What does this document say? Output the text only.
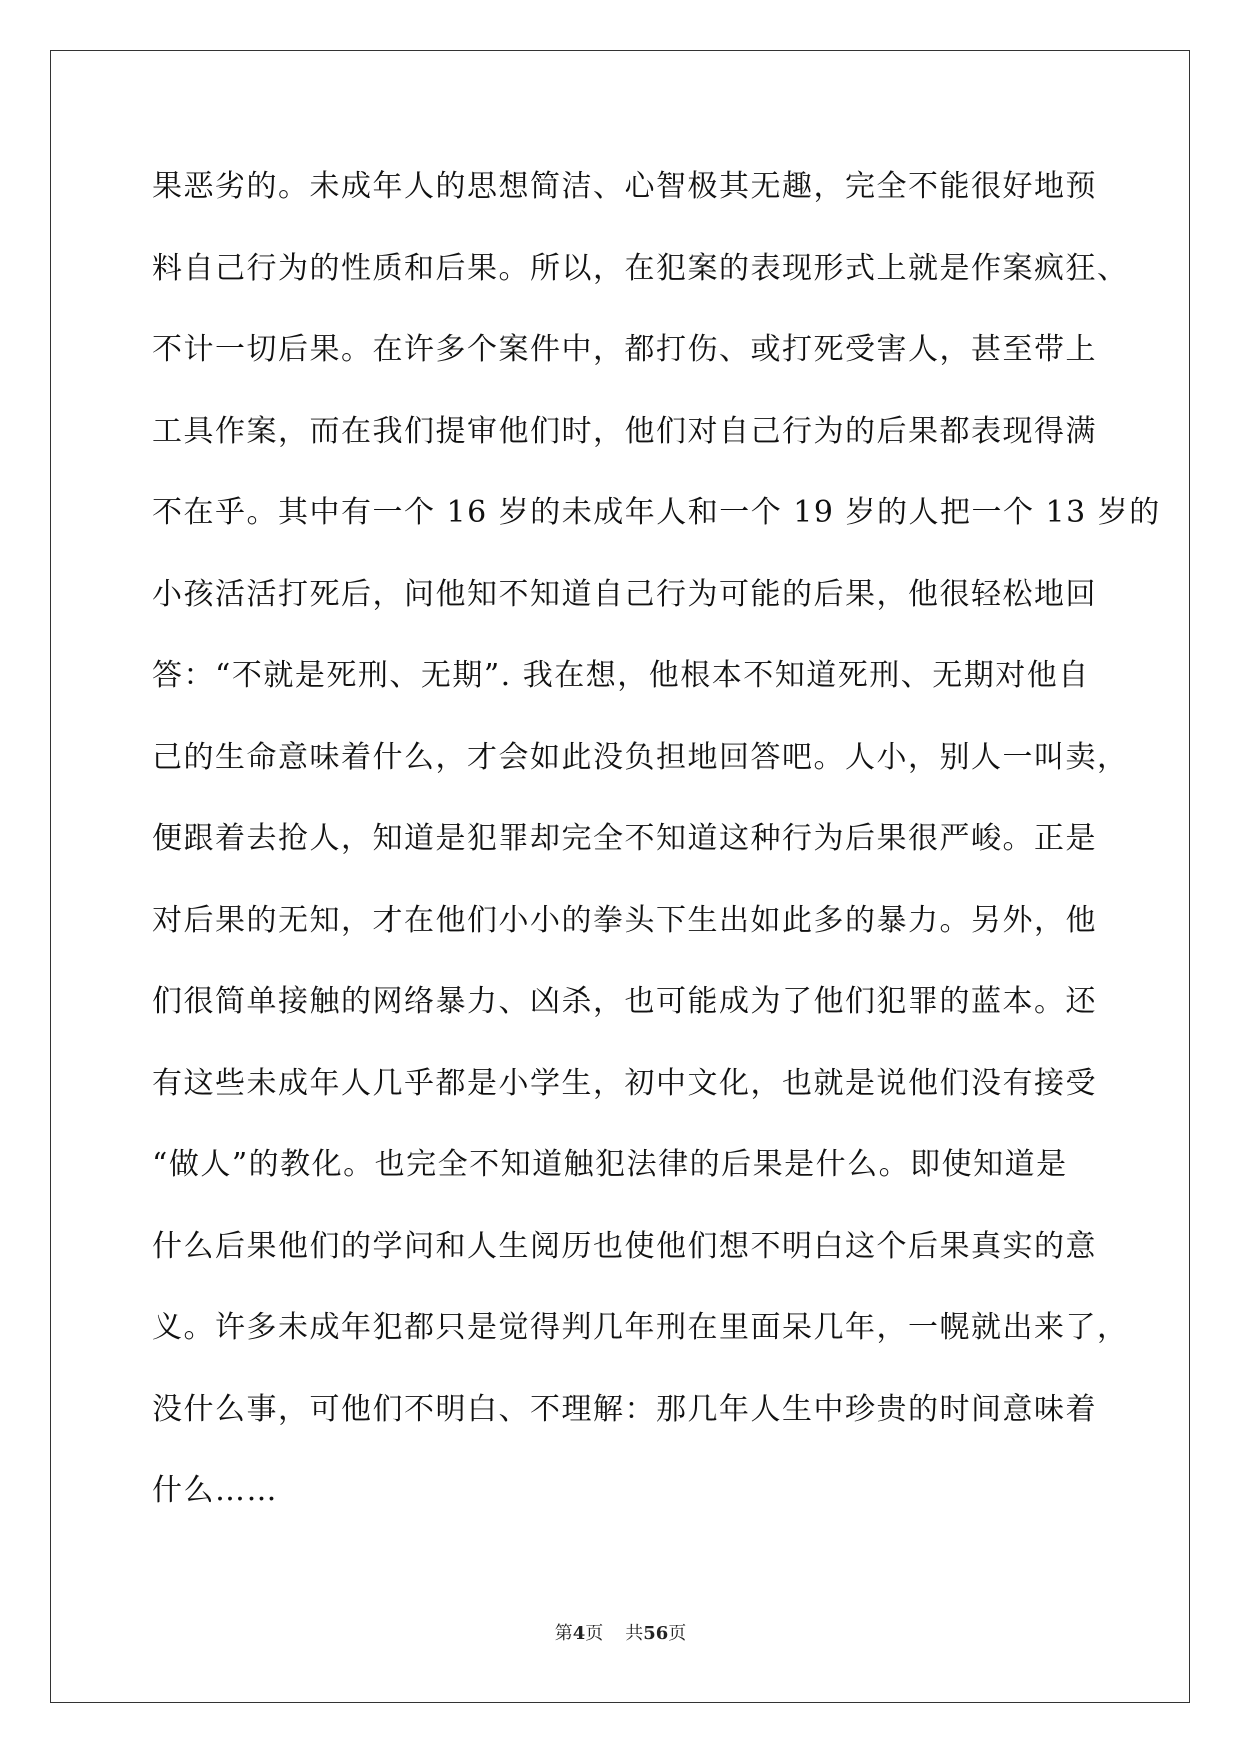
果恶劣的。未成年人的思想简洁、心智极其无趣，完全不能很好地预
料自己行为的性质和后果。所以，在犯案的表现形式上就是作案疯狂、
不计一切后果。在许多个案件中，都打伤、或打死受害人，甚至带上
工具作案，而在我们提审他们时，他们对自己行为的后果都表现得满
不在乎。其中有一个 16 岁的未成年人和一个 19 岁的人把一个 13 岁的
小孩活活打死后，问他知不知道自己行为可能的后果，他很轻松地回
答：“不就是死刑、无期”. 我在想，他根本不知道死刑、无期对他自
己的生命意味着什么，才会如此没负担地回答吧。人小，别人一叫卖，
便跟着去抢人，知道是犯罪却完全不知道这种行为后果很严峻。正是
对后果的无知，才在他们小小的拳头下生出如此多的暴力。另外，他
们很简单接触的网络暴力、凶杀，也可能成为了他们犯罪的蓝本。还
有这些未成年人几乎都是小学生，初中文化，也就是说他们没有接受
“做人”的教化。也完全不知道触犯法律的后果是什么。即使知道是
什么后果他们的学问和人生阅历也使他们想不明白这个后果真实的意
义。许多未成年犯都只是觉得判几年刑在里面呆几年，一幌就出来了，
没什么事，可他们不明白、不理解：那几年人生中珍贵的时间意味着
什么……
第4页 共56页
